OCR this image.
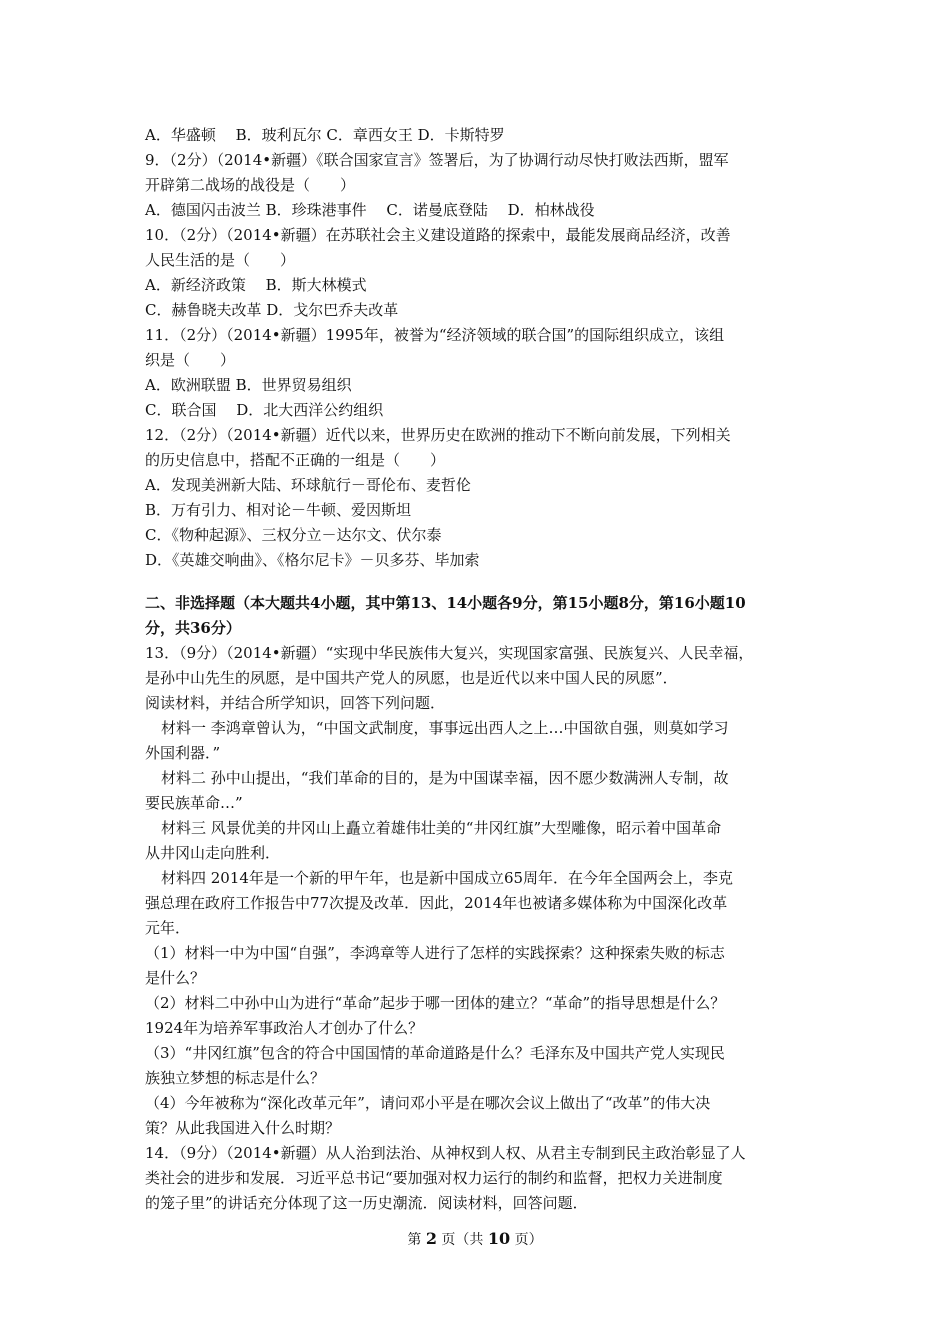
A．华盛顿　 B．玻利瓦尔 C．章西女王 D．卡斯特罗
9．（2分）（2014•新疆）《联合国家宣言》签署后，为了协调行动尽快打败法西斯，盟军
开辟第二战场的战役是（　　）
A．德国闪击波兰 B．珍珠港事件　 C．诺曼底登陆　 D．柏林战役
10．（2分）（2014•新疆）在苏联社会主义建设道路的探索中，最能发展商品经济，改善
人民生活的是（　　）
A．新经济政策　 B．斯大林模式
C．赫鲁晓夫改革 D．戈尔巴乔夫改革
11．（2分）（2014•新疆）1995年，被誉为“经济领域的联合国”的国际组织成立，该组
织是（　　）
A．欧洲联盟 B．世界贸易组织
C．联合国　 D．北大西洋公约组织
12．（2分）（2014•新疆）近代以来，世界历史在欧洲的推动下不断向前发展，下列相关
的历史信息中，搭配不正确的一组是（　　）
A．发现美洲新大陆、环球航行－哥伦布、麦哲伦
B．万有引力、相对论－牛顿、爱因斯坦
C．《物种起源》、三权分立－达尔文、伏尔泰
D．《英雄交响曲》、《格尔尼卡》－贝多芬、毕加索
二、非选择题（本大题共4小题，其中第13、14小题各9分，第15小题8分，第16小题10
分，共36分）
13．（9分）（2014•新疆）“实现中华民族伟大复兴，实现国家富强、民族复兴、人民幸福，
是孙中山先生的夙愿，是中国共产党人的夙愿，也是近代以来中国人民的夙愿”．
阅读材料，并结合所学知识，回答下列问题．
材料一 李鸿章曾认为，“中国文武制度，事事远出西人之上…中国欲自强，则莫如学习
外国利器．”
材料二 孙中山提出，“我们革命的目的，是为中国谋幸福，因不愿少数满洲人专制，故
要民族革命…”
材料三 风景优美的井冈山上矗立着雄伟壮美的“井冈红旗”大型雕像，昭示着中国革命
从井冈山走向胜利．
材料四 2014年是一个新的甲午年，也是新中国成立65周年．在今年全国两会上，李克
强总理在政府工作报告中77次提及改革．因此，2014年也被诸多媒体称为中国深化改革
元年．
（1）材料一中为中国“自强”，李鸿章等人进行了怎样的实践探索？这种探索失败的标志
是什么？
（2）材料二中孙中山为进行“革命”起步于哪一团体的建立？“革命”的指导思想是什么？
1924年为培养军事政治人才创办了什么？
（3）“井冈红旗”包含的符合中国国情的革命道路是什么？毛泽东及中国共产党人实现民
族独立梦想的标志是什么？
（4）今年被称为“深化改革元年”，请问邓小平是在哪次会议上做出了“改革”的伟大决
策？从此我国进入什么时期？
14．（9分）（2014•新疆）从人治到法治、从神权到人权、从君主专制到民主政治彰显了人
类社会的进步和发展．习近平总书记“要加强对权力运行的制约和监督，把权力关进制度
的笼子里”的讲话充分体现了这一历史潮流．阅读材料，回答问题．
第 2 页（共 10 页）
